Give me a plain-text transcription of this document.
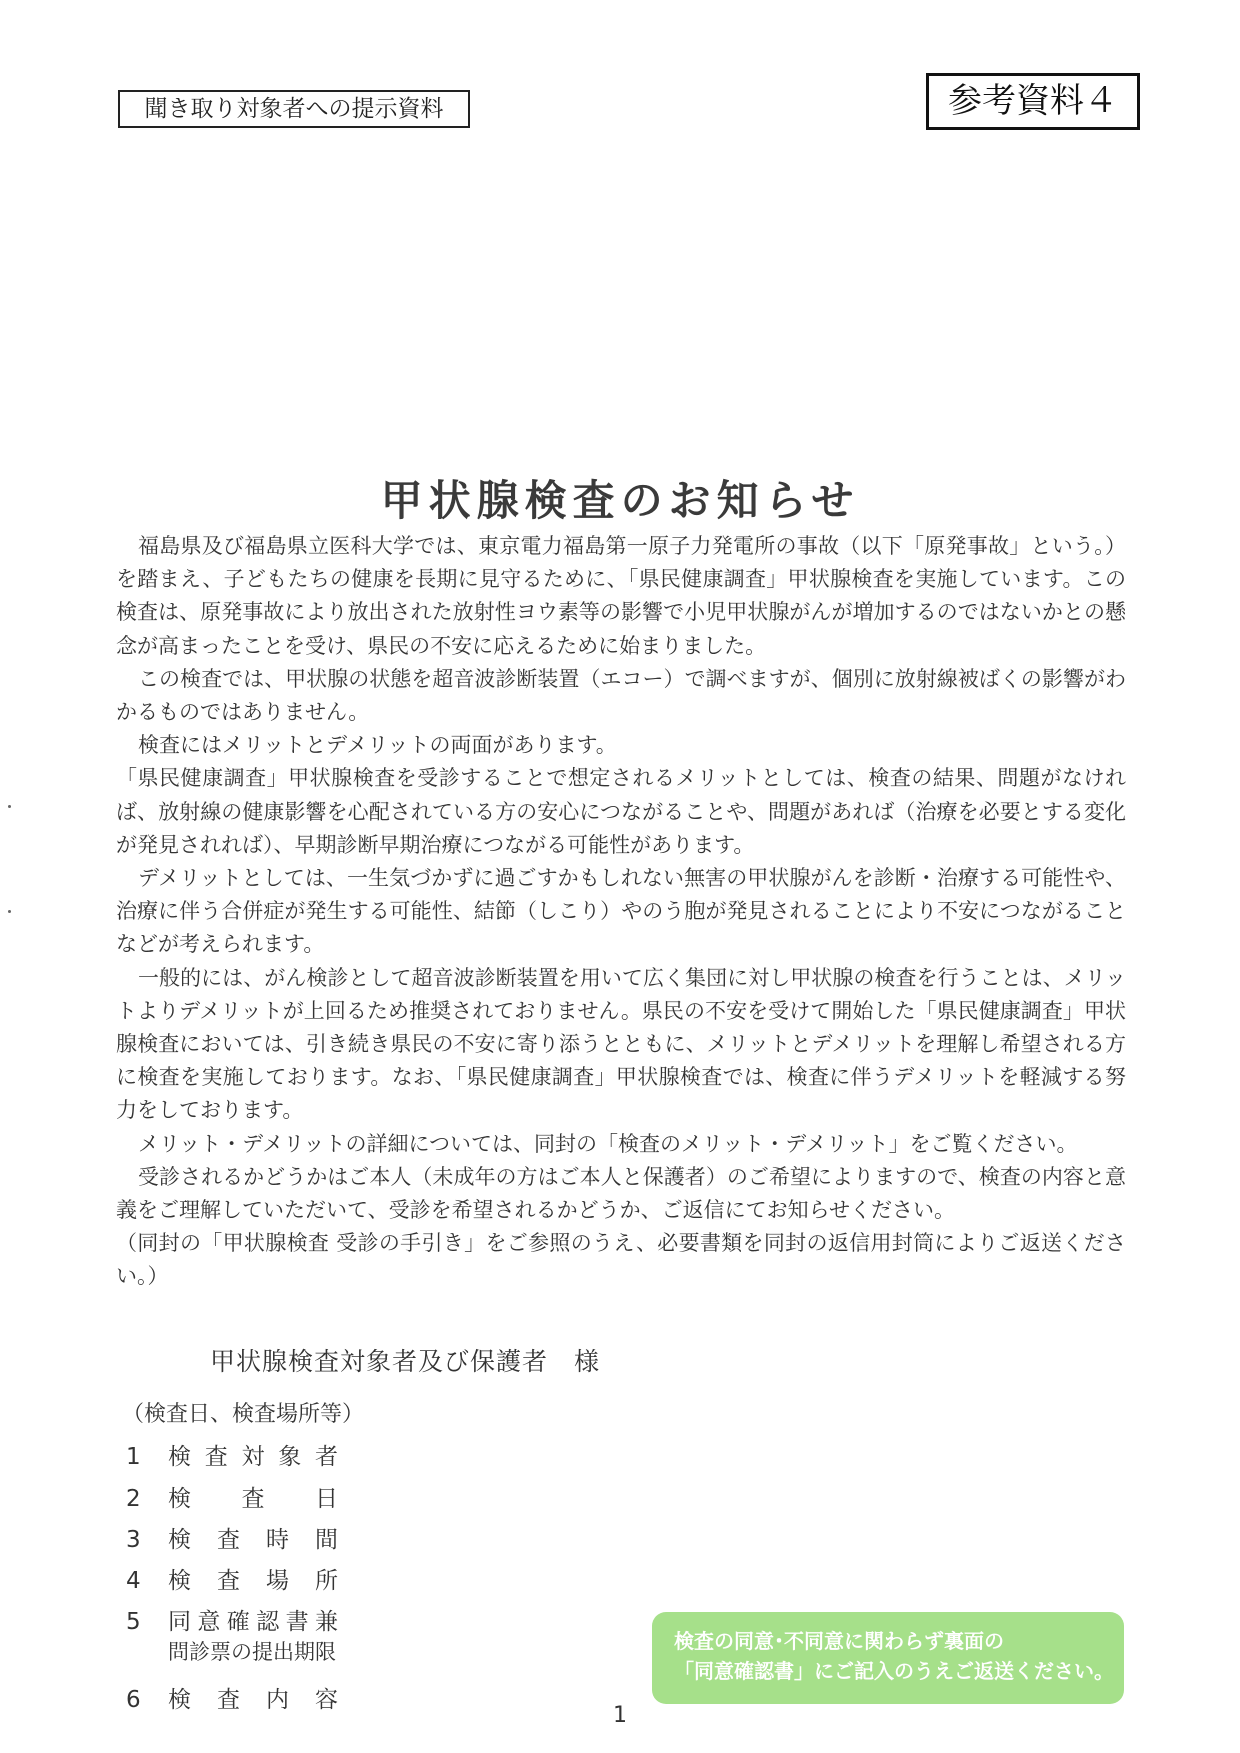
聞き取り対象者への提示資料	参考資料４
甲状腺検査のお知らせ

福島県及び福島県立医科大学では、東京電力福島第一原子力発電所の事故（以下「原発事故」という。）を踏まえ、子どもたちの健康を長期に見守るために、「県民健康調査」甲状腺検査を実施しています。この検査は、原発事故により放出された放射性ヨウ素等の影響で小児甲状腺がんが増加するのではないかとの懸念が高まったことを受け、県民の不安に応えるために始まりました。

この検査では、甲状腺の状態を超音波診断装置（エコー）で調べますが、個別に放射線被ばくの影響がわかるものではありません。

検査にはメリットとデメリットの両面があります。

「県民健康調査」甲状腺検査を受診することで想定されるメリットとしては、検査の結果、問題がなければ、放射線の健康影響を心配されている方の安心につながることや、問題があれば（治療を必要とする変化が発見されれば）、早期診断早期治療につながる可能性があります。

デメリットとしては、一生気づかずに過ごすかもしれない無害の甲状腺がんを診断・治療する可能性や、治療に伴う合併症が発生する可能性、結節（しこり）やのう胞が発見されることにより不安につながることなどが考えられます。

一般的には、がん検診として超音波診断装置を用いて広く集団に対し甲状腺の検査を行うことは、メリットよりデメリットが上回るため推奨されておりません。県民の不安を受けて開始した「県民健康調査」甲状腺検査においては、引き続き県民の不安に寄り添うとともに、メリットとデメリットを理解し希望される方に検査を実施しております。なお、「県民健康調査」甲状腺検査では、検査に伴うデメリットを軽減する努力をしております。

メリット・デメリットの詳細については、同封の「検査のメリット・デメリット」をご覧ください。

受診されるかどうかはご本人（未成年の方はご本人と保護者）のご希望によりますので、検査の内容と意義をご理解していただいて、受診を希望されるかどうか、ご返信にてお知らせください。

（同封の「甲状腺検査 受診の手引き」をご参照のうえ、必要書類を同封の返信用封筒によりご返送ください。）

甲状腺検査対象者及び保護者　様
（検査日、検査場所等）
1 検査対象者
2 検査日
3 検査時間
4 検査場所
5 同意確認書兼
問診票の提出期限
6 検査内容
検査の同意･不同意に関わらず裏面の
「同意確認書」にご記入のうえご返送ください。
1
